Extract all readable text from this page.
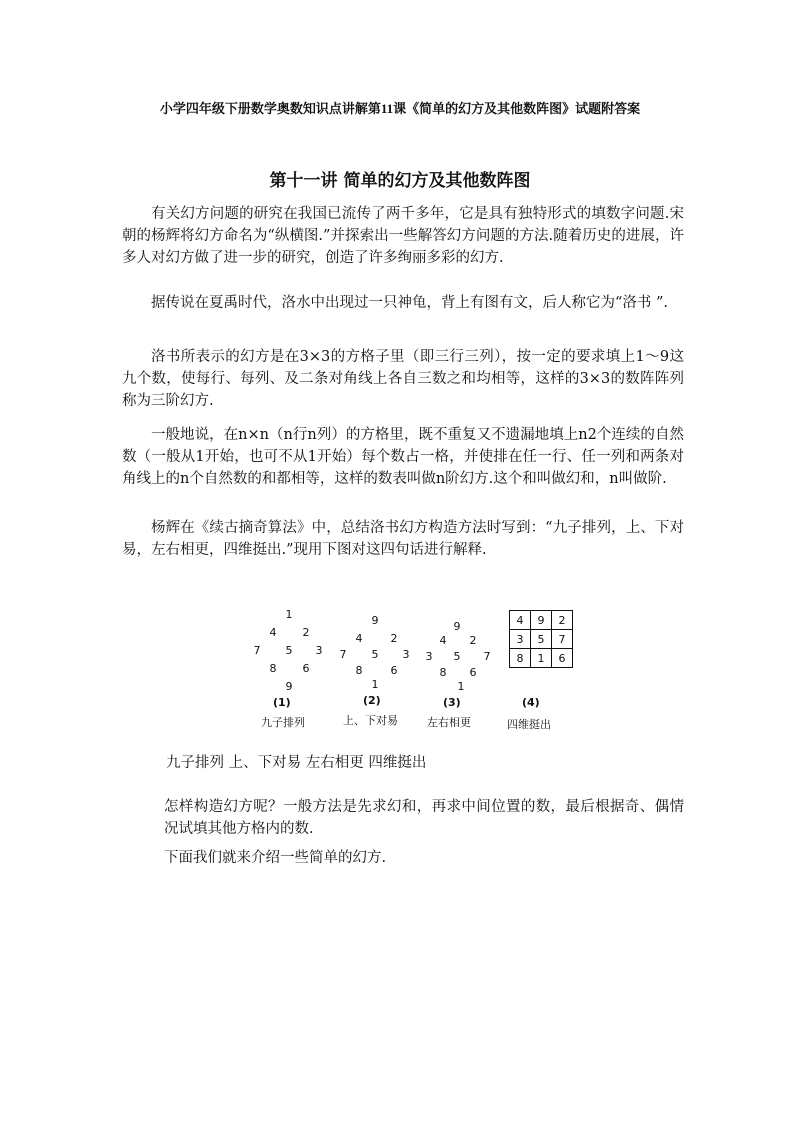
小学四年级下册数学奥数知识点讲解第11课《简单的幻方及其他数阵图》试题附答案
第十一讲 简单的幻方及其他数阵图

有关幻方问题的研究在我国已流传了两千多年，它是具有独特形式的填数字问题.宋朝的杨辉将幻方命名为“纵横图.”并探索出一些解答幻方问题的方法.随着历史的进展，许多人对幻方做了进一步的研究，创造了许多绚丽多彩的幻方.

据传说在夏禹时代，洛水中出现过一只神龟，背上有图有文，后人称它为“洛书 ”.

洛书所表示的幻方是在3×3的方格子里（即三行三列），按一定的要求填上1～9这九个数，使每行、每列、及二条对角线上各自三数之和均相等，这样的3×3的数阵阵列称为三阶幻方.

一般地说，在n×n（n行n列）的方格里，既不重复又不遗漏地填上n2个连续的自然数（一般从1开始，也可不从1开始）每个数占一格，并使排在任一行、任一列和两条对角线上的n个自然数的和都相等，这样的数表叫做n阶幻方.这个和叫做幻和，n叫做阶.

杨辉在《续古摘奇算法》中，总结洛书幻方构造方法时写到：“九子排列，上、下对易，左右相更，四维挺出.”现用下图对这四句话进行解释.

1
4 2
7 5 3
8 6
9
9
4	2
7 5 3
8	6
1
9
4 2
3 5 7
8 6
1
4	9	2
3	5	7
8	1	6
(1)
九子排列
(2)
上、下对易
(3)
左右相更
(4)
四维挺出

九子排列 上、下对易 左右相更 四维挺出

怎样构造幻方呢？一般方法是先求幻和，再求中间位置的数，最后根据奇、偶情况试填其他方格内的数.

下面我们就来介绍一些简单的幻方.
